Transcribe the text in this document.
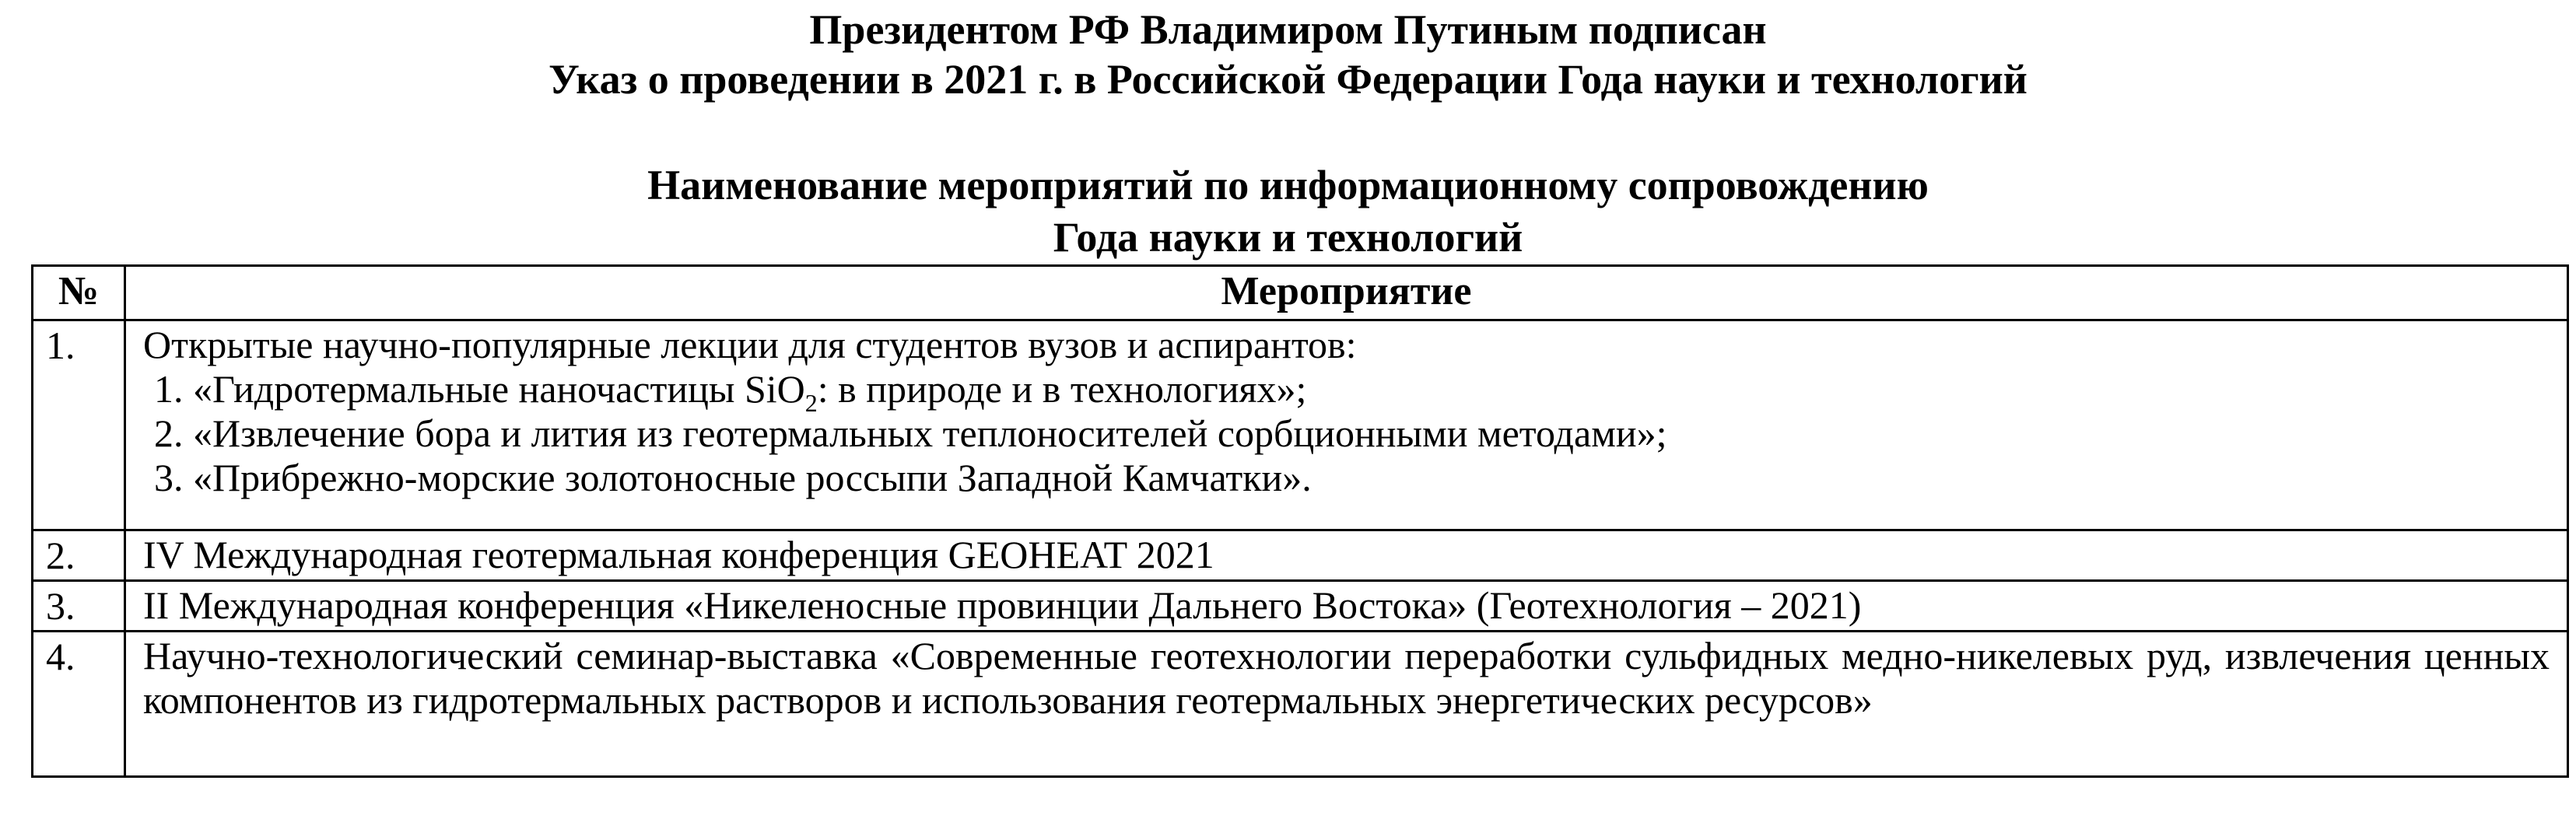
Президентом РФ Владимиром Путиным подписан
Указ о проведении в 2021 г. в Российской Федерации Года науки и технологий
Наименование мероприятий по информационному сопровождению
Года науки и технологий
№	Мероприятие
1.	Открытые научно-популярные лекции для студентов вузов и аспирантов:
1. «Гидротермальные наночастицы SiO$_2$: в природе и в технологиях»;
2. «Извлечение бора и лития из геотермальных теплоносителей сорбционными методами»;
3. «Прибрежно-морские золотоносные россыпи Западной Камчатки».

2.	IV Международная геотермальная конференция GEOHEAT 2021

3.	II Международная конференция «Никеленосные провинции Дальнего Востока» (Геотехнология – 2021)

4.	Научно-технологический семинар-выставка «Современные геотехнологии переработки сульфидных медно-никелевых руд, извлечения ценных компонентов из гидротермальных растворов и использования геотермальных энергетических ресурсов»
